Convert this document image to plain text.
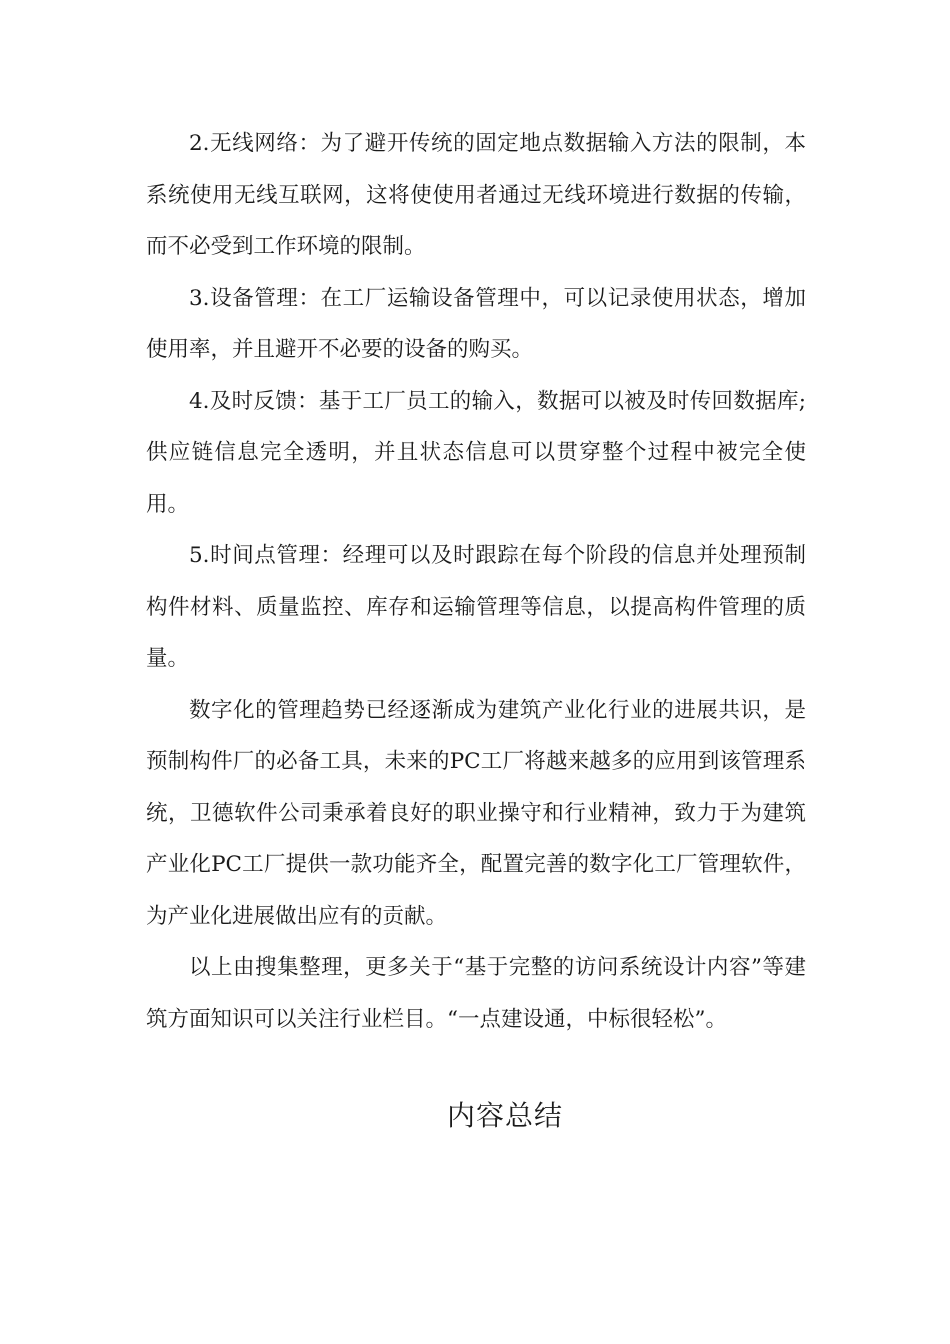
2.无线网络：为了避开传统的固定地点数据输入方法的限制，本系统使用无线互联网，这将使使用者通过无线环境进行数据的传输，而不必受到工作环境的限制。

3.设备管理：在工厂运输设备管理中，可以记录使用状态，增加使用率，并且避开不必要的设备的购买。

4.及时反馈：基于工厂员工的输入，数据可以被及时传回数据库;供应链信息完全透明，并且状态信息可以贯穿整个过程中被完全使用。

5.时间点管理：经理可以及时跟踪在每个阶段的信息并处理预制构件材料、质量监控、库存和运输管理等信息，以提高构件管理的质量。

数字化的管理趋势已经逐渐成为建筑产业化行业的进展共识，是预制构件厂的必备工具，未来的PC工厂将越来越多的应用到该管理系统，卫德软件公司秉承着良好的职业操守和行业精神，致力于为建筑产业化PC工厂提供一款功能齐全，配置完善的数字化工厂管理软件，为产业化进展做出应有的贡献。

以上由搜集整理，更多关于“基于完整的访问系统设计内容”等建筑方面知识可以关注行业栏目。“一点建设通，中标很轻松”。

内容总结
